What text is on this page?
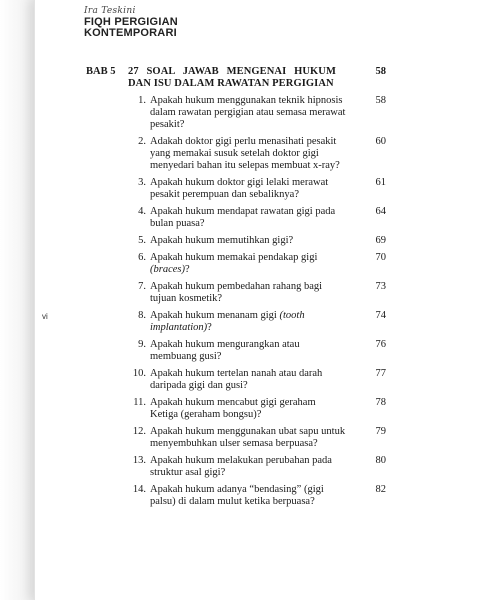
Ira Teskini
FIQH PERGIGIAN
KONTEMPORARI
vi
BAB 5	27 SOAL JAWAB MENGENAI HUKUM DAN ISU DALAM RAWATAN PERGIGIAN
58
1. Apakah hukum menggunakan teknik hipnosis dalam rawatan pergigian atau semasa merawat pesakit?
58
2. Adakah doktor gigi perlu menasihati pesakit yang memakai susuk setelah doktor gigi menyedari bahan itu selepas membuat x-ray?
60
3. Apakah hukum doktor gigi lelaki merawat pesakit perempuan dan sebaliknya?
61
4. Apakah hukum mendapat rawatan gigi pada bulan puasa?
64
5. Apakah hukum memutihkan gigi?	69
6. Apakah hukum memakai pendakap gigi (braces)?
70
7. Apakah hukum pembedahan rahang bagi tujuan kosmetik?
73
8. Apakah hukum menanam gigi (tooth implantation)?
74
9. Apakah hukum mengurangkan atau membuang gusi?
76
10. Apakah hukum tertelan nanah atau darah daripada gigi dan gusi?
77
11. Apakah hukum mencabut gigi geraham Ketiga (geraham bongsu)?
78
12. Apakah hukum menggunakan ubat sapu untuk menyembuhkan ulser semasa berpuasa?
79
13. Apakah hukum melakukan perubahan pada struktur asal gigi?
80
14. Apakah hukum adanya “bendasing” (gigi palsu) di dalam mulut ketika berpuasa?
82
